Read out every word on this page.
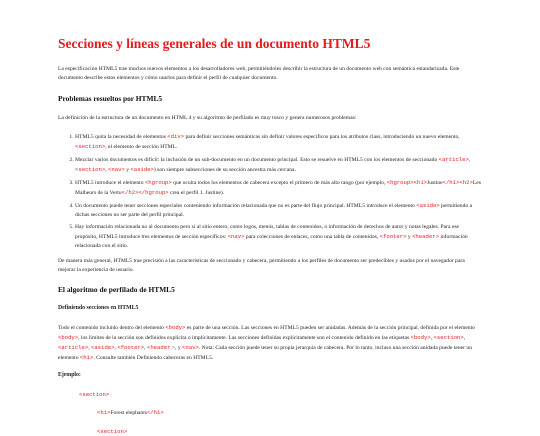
Secciones y líneas generales de un documento HTML5

La especificación HTML5 trae muchos nuevos elementos a los desarrolladores web, permitiéndoles describir la estructura de un documento web con semántica estandarizada. Este documento describe estos elementos y cómo usarlos para definir el perfil de cualquier documento.

Problemas resueltos por HTML5

La definición de la estructura de un documento en HTML 4 y su algoritmo de perfilado es muy tosco y genera numerosos problemas:

1. HTML5 quita la necesidad de elementos <div> para definir secciones semánticas sin definir valores específicos para los atributos class, introduciendo un nuevo elemento, <section>, el elemento de sección HTML.
2. Mezclar varios documentos es difícil: la inclusión de un sub-documento en un documento principal. Esto se resuelve en HTML5 con los elementos de seccionado <article>, <section>, <nav> y <aside>) son siempre subsecciones de su sección ancestra más cercana.
3. HTML5 introduce el elemento <hgroup> que oculta todos los elementos de cabecera excepto el primero de más alto rango (por ejemplo, <hgroup><h1>Justine</h1><h2>Les Malheurs de la Vertu</h2></hgroup> crea el perfil 1. Justine).
4. Un documento puede tener secciones especiales conteniendo información relacionada que no es parte del flujo principal. HTML5 introduce el elemento <aside> permitiendo a dichas secciones no ser parte del perfil principal.
5. Hay información relacionada no al documento pero sí al sitio entero, como logos, menús, tablas de contenidos, o información de derechos de autor y notas legales. Para ese propósito, HTML5 introduce tres elementos de sección específicos: <nav> para colecciones de enlaces, como una tabla de contenidos, <footer> y <header> información relacionada con el sitio.

De manera más general, HTML5 trae precisión a las características de seccionado y cabecera, permitiendo a los perfiles de documento ser predecibles y usados por el navegador para mejorar la experiencia de usuario.

El algoritmo de perfilado de HTML5
Definiendo secciones en HTML5

Todo el contenido incluido dentro del elemento <body> es parte de una sección. Las secciones en HTML5 pueden ser anidadas. Además de la sección principal, definida por el elemento <body>, los límites de la sección son definidos explícita o implícitamente. Las secciones definidas explícitamente son el contenido definido en las etiquetas <body>, <section>, <article>, <aside>, <footer>, <header >, y <nav>. Nota: Cada sección puede tener su propia jerarquía de cabecera. Por lo tanto, incluso una sección anidada puede tener un elemento <h1>. Consulte también Definiendo cabeceras en HTML5.

Ejemplo:

<section>
<h1>Forest elephants</h1>
<section>
